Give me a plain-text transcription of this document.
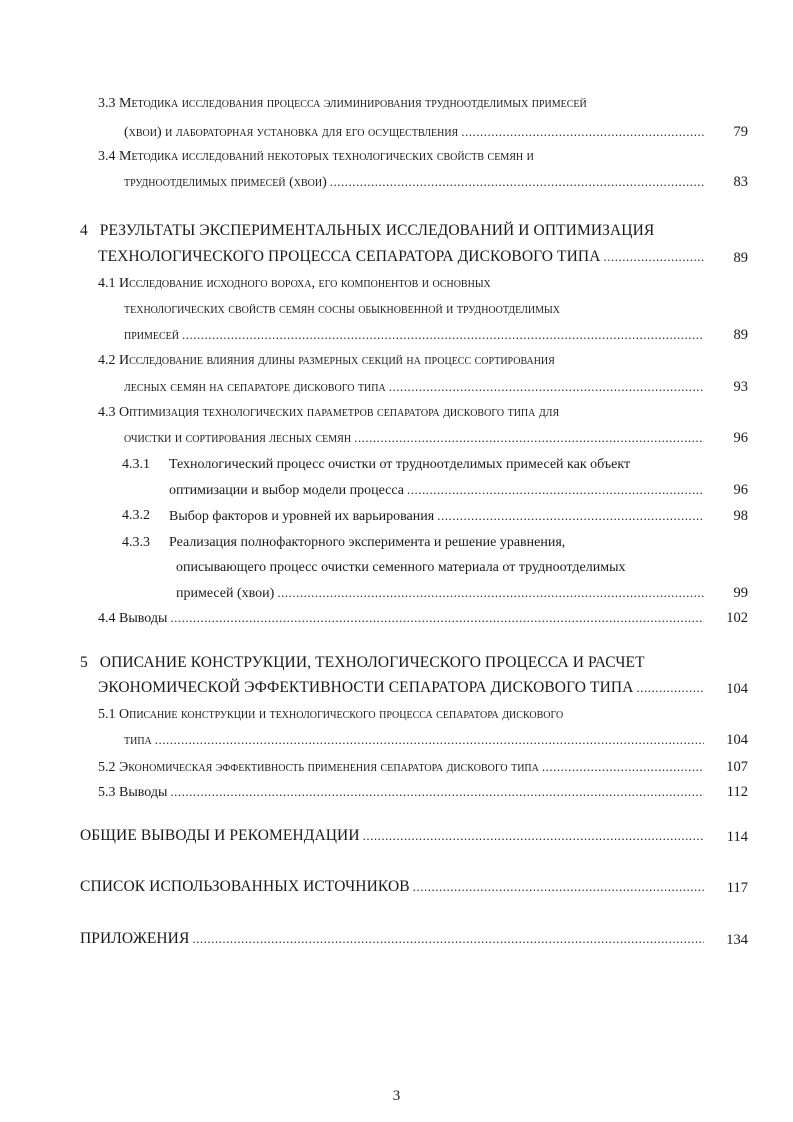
3.3 Методика исследования процесса элиминирования трудноотделимых примесей
(хвои) и лабораторная установка для его осуществления .....	79
3.4 Методика исследований некоторых технологических свойств семян и
трудноотделимых примесей (хвои) .....	83
4   РЕЗУЛЬТАТЫ ЭКСПЕРИМЕНТАЛЬНЫХ ИССЛЕДОВАНИЙ И ОПТИМИЗАЦИЯ
ТЕХНОЛОГИЧЕСКОГО ПРОЦЕССА СЕПАРАТОРА ДИСКОВОГО ТИПА .....	89
4.1 Исследование исходного вороха, его компонентов и основных
технологических свойств семян сосны обыкновенной и трудноотделимых
примесей .....	89
4.2 Исследование влияния длины размерных секций на процесс сортирования
лесных семян на сепараторе дискового типа .....	93
4.3 Оптимизация технологических параметров сепаратора дискового типа для
очистки и сортирования лесных семян .....	96
4.3.1 Технологический процесс очистки от трудноотделимых примесей как объект
оптимизации и выбор модели процесса .....	96
4.3.2 Выбор факторов и уровней их варьирования .....	98
4.3.3 Реализация полнофакторного эксперимента и решение уравнения,
описывающего процесс очистки семенного материала от трудноотделимых
примесей (хвои) .....	99
4.4 Выводы .....	102
5   ОПИСАНИЕ КОНСТРУКЦИИ, ТЕХНОЛОГИЧЕСКОГО ПРОЦЕССА И РАСЧЕТ
ЭКОНОМИЧЕСКОЙ ЭФФЕКТИВНОСТИ СЕПАРАТОРА ДИСКОВОГО ТИПА .....	104
5.1 Описание конструкции и технологического процесса сепаратора дискового
типа .....	104
5.2 Экономическая эффективность применения сепаратора дискового типа .....	107
5.3 Выводы .....	112
ОБЩИЕ ВЫВОДЫ И РЕКОМЕНДАЦИИ .....	114
СПИСОК ИСПОЛЬЗОВАННЫХ ИСТОЧНИКОВ .....	117
ПРИЛОЖЕНИЯ .....	134
3
